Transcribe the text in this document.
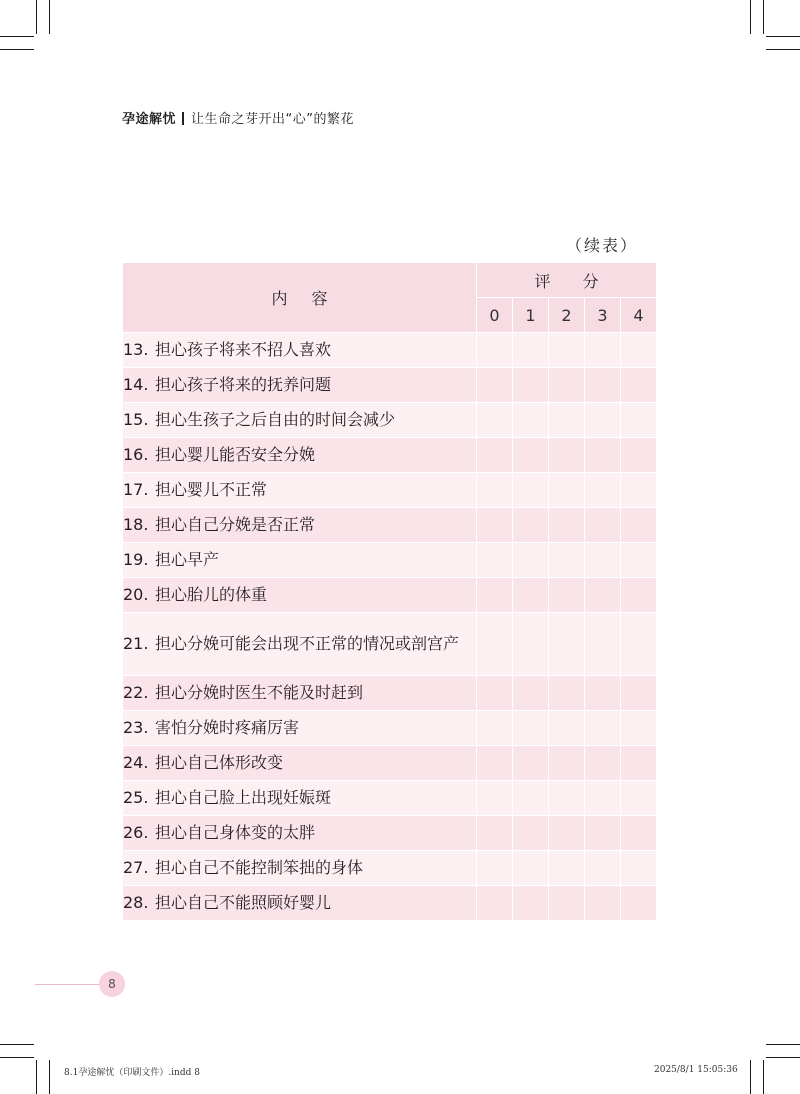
孕途解忧 让生命之芽开出“心”的繁花
（续表）
内容	评分				
	0	1	2	3	4
13. 担心孩子将来不招人喜欢					
14. 担心孩子将来的抚养问题					
15. 担心生孩子之后自由的时间会减少					
16. 担心婴儿能否安全分娩					
17. 担心婴儿不正常					
18. 担心自己分娩是否正常					
19. 担心早产					
20. 担心胎儿的体重					
21. 担心分娩可能会出现不正常的情况或剖宫产					
22. 担心分娩时医生不能及时赶到					
23. 害怕分娩时疼痛厉害					
24. 担心自己体形改变					
25. 担心自己脸上出现妊娠斑					
26. 担心自己身体变的太胖					
27. 担心自己不能控制笨拙的身体					
28. 担心自己不能照顾好婴儿					
8
8.1孕途解忧（印刷文件）.indd 8	2025/8/1 15:05:36
